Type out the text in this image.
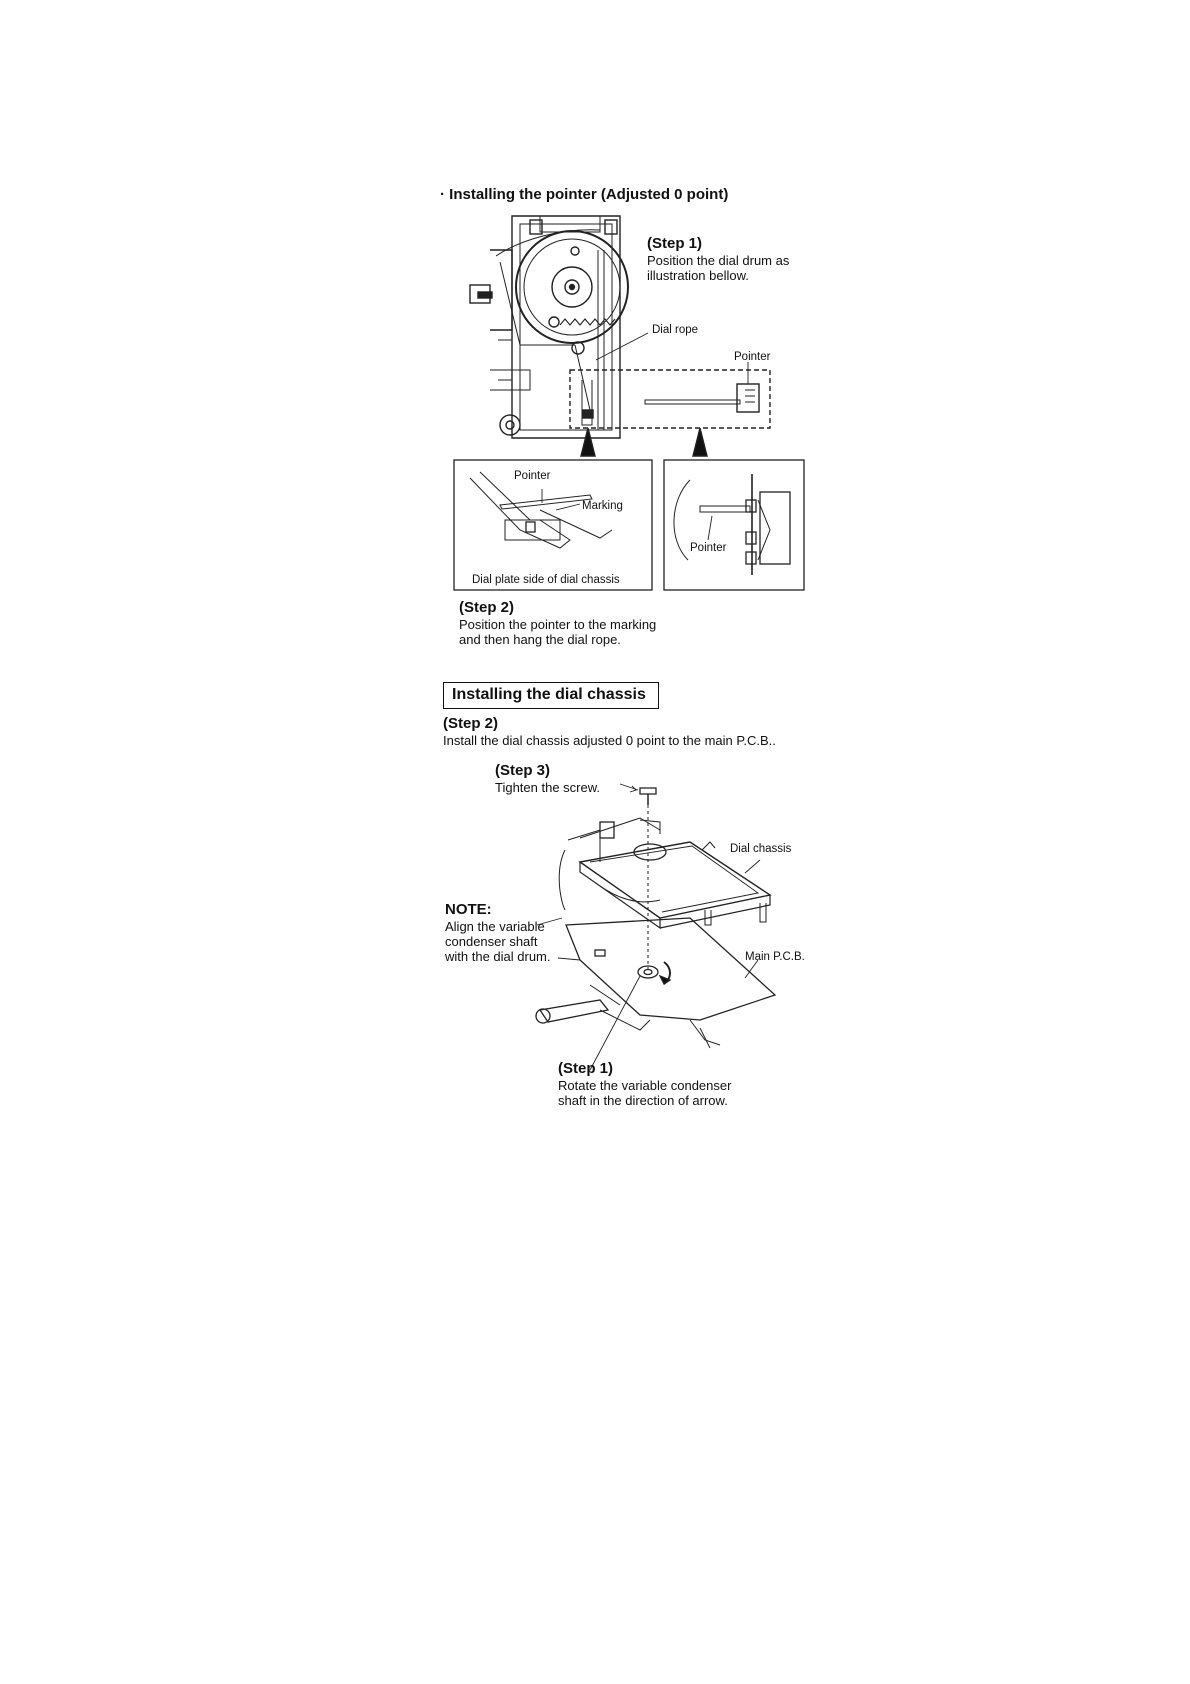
· Installing the pointer (Adjusted 0 point)
(Step 1)
Position the dial drum as
illustration bellow.
Dial rope
Pointer
Pointer
Marking
Dial plate side of dial chassis
Pointer
(Step 2)
Position the pointer to the marking
and then hang the dial rope.
Installing the dial chassis
(Step 2)
Install the dial chassis adjusted 0 point to the main P.C.B..
(Step 3)
Tighten the screw.
Dial chassis
Main P.C.B.
NOTE:
Align the variable
condenser shaft
with the dial drum.
(Step 1)
Rotate the variable condenser
shaft in the direction of arrow.
